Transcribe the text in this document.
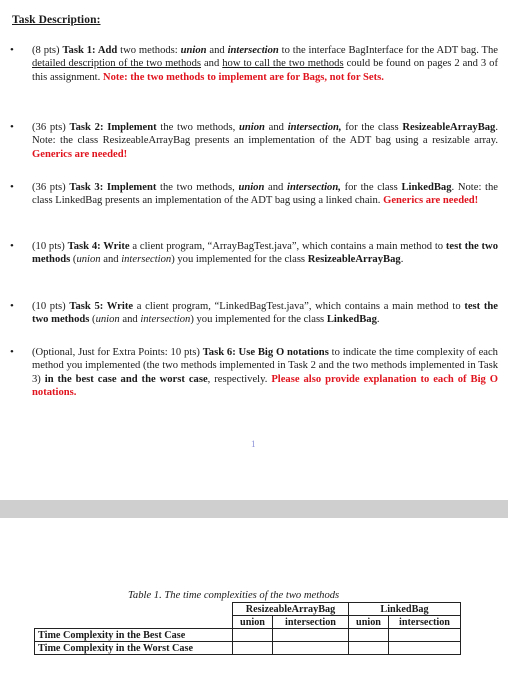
Task Description:
• (8 pts) Task 1: Add two methods: union and intersection to the interface BagInterface for the ADT bag. The detailed description of the two methods and how to call the two methods could be found on pages 2 and 3 of this assignment. Note: the two methods to implement are for Bags, not for Sets.
• (36 pts) Task 2: Implement the two methods, union and intersection, for the class ResizeableArrayBag. Note: the class ResizeableArrayBag presents an implementation of the ADT bag using a resizable array. Generics are needed!
• (36 pts) Task 3: Implement the two methods, union and intersection, for the class LinkedBag. Note: the class LinkedBag presents an implementation of the ADT bag using a linked chain. Generics are needed!
• (10 pts) Task 4: Write a client program, “ArrayBagTest.java”, which contains a main method to test the two methods (union and intersection) you implemented for the class ResizeableArrayBag.
• (10 pts) Task 5: Write a client program, “LinkedBagTest.java”, which contains a main method to test the two methods (union and intersection) you implemented for the class LinkedBag.
• (Optional, Just for Extra Points: 10 pts) Task 6: Use Big O notations to indicate the time complexity of each method you implemented (the two methods implemented in Task 2 and the two methods implemented in Task 3) in the best case and the worst case, respectively. Please also provide explanation to each of Big O notations.
1
Table 1. The time complexities of the two methods
	ResizeableArrayBag		LinkedBag	
	union	intersection	union	intersection
Time Complexity in the Best Case				
Time Complexity in the Worst Case				
